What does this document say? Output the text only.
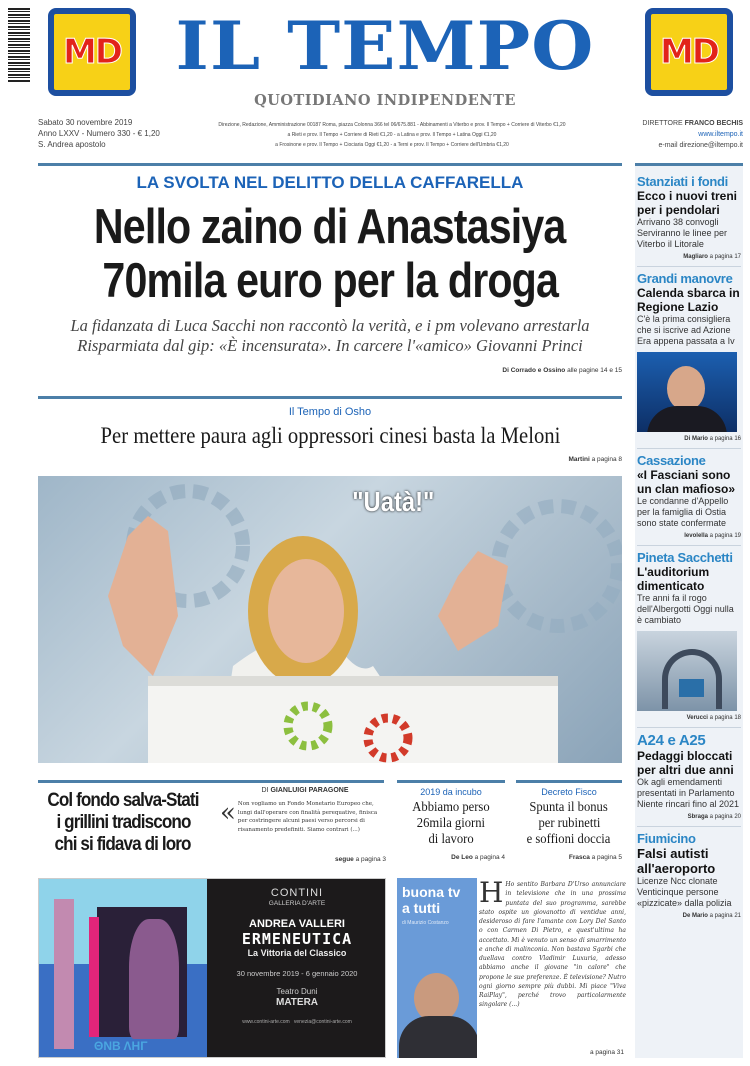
MD	MD
IL TEMPO
QUOTIDIANO INDIPENDENTE
Sabato 30 novembre 2019
Anno LXXV - Numero 330 - € 1,20
S. Andrea apostolo
Direzione, Redazione, Amministrazione 00187 Roma, piazza Colonna 366 tel 06/675.881 - Abbinamenti a Viterbo e prov. Il Tempo + Corriere di Viterbo €1,20
a Rieti e prov. Il Tempo + Corriere di Rieti €1,20 - a Latina e prov. Il Tempo + Latina Oggi €1,20
a Frosinone e prov. Il Tempo + Ciociaria Oggi €1,20 - a Terni e prov. Il Tempo + Corriere dell'Umbria €1,20
DIRETTORE FRANCO BECHIS
www.iltempo.it
e-mail direzione@iltempo.it
LA SVOLTA NEL DELITTO DELLA CAFFARELLA
Nello zaino di Anastasiya
70mila euro per la droga
La fidanzata di Luca Sacchi non raccontò la verità, e i pm volevano arrestarla
Risparmiata dal gip: «È incensurata». In carcere l'«amico» Giovanni Princi
Di Corrado e Ossino alle pagine 14 e 15
Il Tempo di Osho
Per mettere paura agli oppressori cinesi basta la Meloni
Martini a pagina 8
"Uatà!"
Col fondo salva-Stati
i grillini tradiscono
chi si fidava di loro
DI GIANLUIGI PARAGONE
« Non vogliamo un Fondo Monetario Europeo che, lungi dall'operare con finalità perequative, finisca per costringere alcuni paesi verso percorsi di risanamento predefiniti. Siamo contrari (...)
segue a pagina 3
2019 da incubo
Abbiamo perso
26mila giorni
di lavoro
De Leo a pagina 4
Decreto Fisco
Spunta il bonus
per rubinetti
e soffioni doccia
Frasca a pagina 5
ΘΝΒ ΛΗΓ
CONTINI
GALLERIA D'ARTE
ANDREA VALLERI
ERMENEUTICA
La Vittoria del Classico
30 novembre 2019 - 6 gennaio 2020
Teatro Duni
MATERA
www.contini-arte.com venezia@contini-arte.com
buona tv
a tutti
di Maurizio Costanzo
H Ho sentito Barbara D'Urso annunciare in televisione che in una prossima puntata del suo programma, sarebbe stato ospite un giovanotto di ventidue anni, desideroso di fare l'amante con Lory Del Santo o con Carmen Di Pietro, e quest'ultima ha accettato. Mi è venuto un senso di smarrimento e anche di malinconia. Non bastava Sgarbi che duellava contro Vladimir Luxuria, adesso abbiamo anche il giovane "in calore" che propone le sue preferenze. È televisione? Nutro ogni giorno sempre più dubbi. Mi piace "Viva RaiPlay", perché trovo particolarmente singolare (...)
a pagina 31
Stanziati i fondi
Ecco i nuovi treni per i pendolari
Arrivano 38 convogli Serviranno le linee per Viterbo il Litorale
Magliaro a pagina 17
Grandi manovre
Calenda sbarca in Regione Lazio
C'è la prima consigliera che si iscrive ad Azione Era appena passata a Iv
Di Mario a pagina 16
Cassazione
«I Fasciani sono un clan mafioso»
Le condanne d'Appello per la famiglia di Ostia sono state confermate
Ievolella a pagina 19
Pineta Sacchetti
L'auditorium dimenticato
Tre anni fa il rogo dell'Albergotti Oggi nulla è cambiato
Verucci a pagina 18
A24 e A25
Pedaggi bloccati per altri due anni
Ok agli emendamenti presentati in Parlamento Niente rincari fino al 2021
Sbraga a pagina 20
Fiumicino
Falsi autisti all'aeroporto
Licenze Ncc clonate Venticinque persone «pizzicate» dalla polizia
De Mario a pagina 21
